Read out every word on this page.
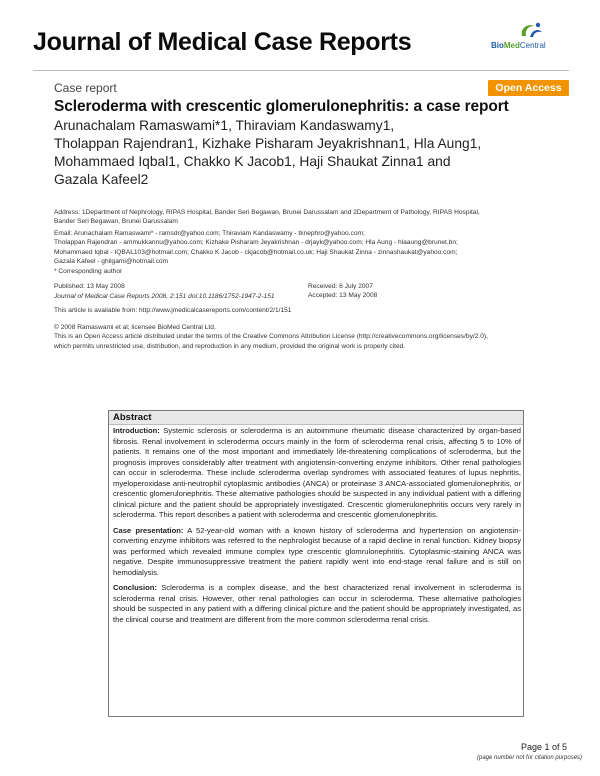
Journal of Medical Case Reports	BioMedCentral
Case report	Open Access
Scleroderma with crescentic glomerulonephritis: a case report
Arunachalam Ramaswami*1, Thiraviam Kandaswamy1,
Tholappan Rajendran1, Kizhake Pisharam Jeyakrishnan1, Hla Aung1,
Mohammaed Iqbal1, Chakko K Jacob1, Haji Shaukat Zinna1 and
Gazala Kafeel2
Address: 1Department of Nephrology, RIPAS Hospital, Bander Seri Begawan, Brunei Darussalam and 2Department of Pathology, RIPAS Hospital,
Bander Seri Begawan, Brunei Darussalam
Email: Arunachalam Ramaswami* - ramsdr@yahoo.com; Thiraviam Kandaswamy - tknephro@yahoo.com;
Tholappan Rajendran - ammukkannu@yahoo.com; Kizhake Pisharam Jeyakrishnan - drjayk@yahoo.com; Hla Aung - hlaaung@brunet.bn;
Mohammaed Iqbal - IQBAL103@hotmail.com; Chakko K Jacob - ckjacob@hotmail.co.uk; Haji Shaukat Zinna - zinnashaukat@yahoo.com;
Gazala Kafeel - ghilgami@hotmail.com
* Corresponding author
Published: 13 May 2008
Journal of Medical Case Reports 2008, 2:151 doi:10.1186/1752-1947-2-151
Received: 6 July 2007
Accepted: 13 May 2008
This article is available from: http://www.jmedicalcasereports.com/content/2/1/151
© 2008 Ramaswami et al; licensee BioMed Central Ltd.
This is an Open Access article distributed under the terms of the Creative Commons Attribution License (http://creativecommons.org/licenses/by/2.0),
which permits unrestricted use, distribution, and reproduction in any medium, provided the original work is properly cited.
Abstract

Introduction: Systemic sclerosis or scleroderma is an autoimmune rheumatic disease characterized by organ-based fibrosis. Renal involvement in scleroderma occurs mainly in the form of scleroderma renal crisis, affecting 5 to 10% of patients. It remains one of the most important and immediately life-threatening complications of scleroderma, but the prognosis improves considerably after treatment with angiotensin-converting enzyme inhibitors. Other renal pathologies can occur in scleroderma. These include scleroderma overlap syndromes with associated features of lupus nephritis, myeloperoxidase anti-neutrophil cytoplasmic antibodies (ANCA) or proteinase 3 ANCA-associated glomerulonephritis, or crescentic glomerulonephritis. These alternative pathologies should be suspected in any individual patient with a differing clinical picture and the patient should be appropriately investigated. Crescentic glomerulonephritis occurs very rarely in scleroderma. This report describes a patient with scleroderma and crescentic glomerulonephritis.

Case presentation: A 52-year-old woman with a known history of scleroderma and hypertension on angiotensin-converting enzyme inhibitors was referred to the nephrologist because of a rapid decline in renal function. Kidney biopsy was performed which revealed immune complex type crescentic glomrulonephritis. Cytoplasmic-staining ANCA was negative. Despite immunosuppressive treatment the patient rapidly went into end-stage renal failure and is still on hemodialysis.

Conclusion: Scleroderma is a complex disease, and the best characterized renal involvement in scleroderma is scleroderma renal crisis. However, other renal pathologies can occur in scleroderma. These alternative pathologies should be suspected in any patient with a differing clinical picture and the patient should be appropriately investigated, as the clinical course and treatment are different from the more common scleroderma renal crisis.

Page 1 of 5
(page number not for citation purposes)
